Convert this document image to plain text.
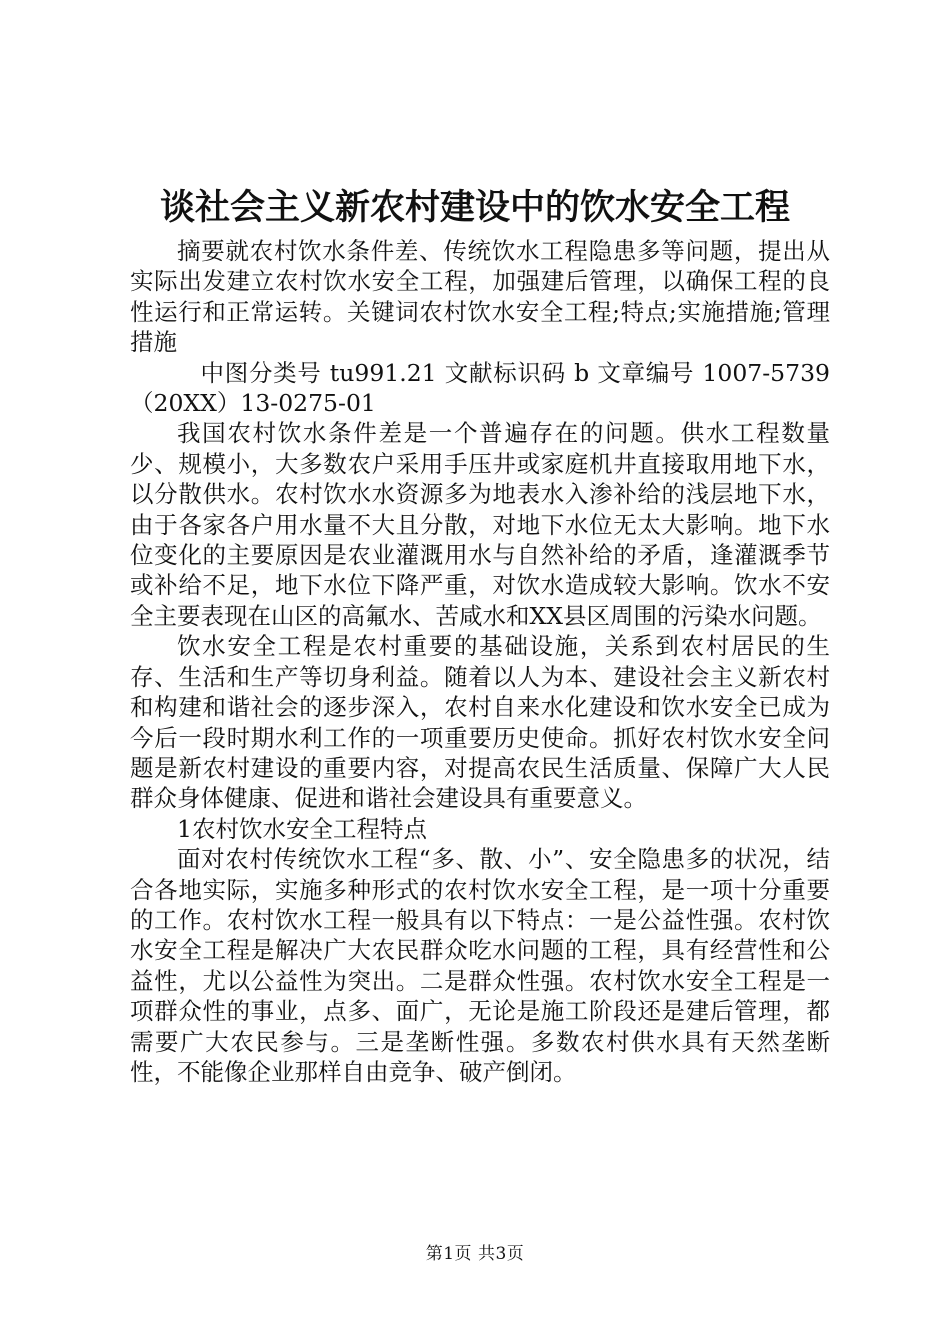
谈社会主义新农村建设中的饮水安全工程

摘要就农村饮水条件差、传统饮水工程隐患多等问题，提出从实际出发建立农村饮水安全工程，加强建后管理，以确保工程的良性运行和正常运转。关键词农村饮水安全工程;特点;实施措施;管理措施

中图分类号 tu991.21 文献标识码 b 文章编号 1007-5739（20XX）13-0275-01

我国农村饮水条件差是一个普遍存在的问题。供水工程数量少、规模小，大多数农户采用手压井或家庭机井直接取用地下水，以分散供水。农村饮水水资源多为地表水入渗补给的浅层地下水，由于各家各户用水量不大且分散，对地下水位无太大影响。地下水位变化的主要原因是农业灌溉用水与自然补给的矛盾，逢灌溉季节或补给不足，地下水位下降严重，对饮水造成较大影响。饮水不安全主要表现在山区的高氟水、苦咸水和XX县区周围的污染水问题。

饮水安全工程是农村重要的基础设施，关系到农村居民的生存、生活和生产等切身利益。随着以人为本、建设社会主义新农村和构建和谐社会的逐步深入，农村自来水化建设和饮水安全已成为今后一段时期水利工作的一项重要历史使命。抓好农村饮水安全问题是新农村建设的重要内容，对提高农民生活质量、保障广大人民群众身体健康、促进和谐社会建设具有重要意义。

1农村饮水安全工程特点

面对农村传统饮水工程“多、散、小”、安全隐患多的状况，结合各地实际，实施多种形式的农村饮水安全工程，是一项十分重要的工作。农村饮水工程一般具有以下特点：一是公益性强。农村饮水安全工程是解决广大农民群众吃水问题的工程，具有经营性和公益性，尤以公益性为突出。二是群众性强。农村饮水安全工程是一项群众性的事业，点多、面广，无论是施工阶段还是建后管理，都需要广大农民参与。三是垄断性强。多数农村供水具有天然垄断性，不能像企业那样自由竞争、破产倒闭。

第1页 共3页
